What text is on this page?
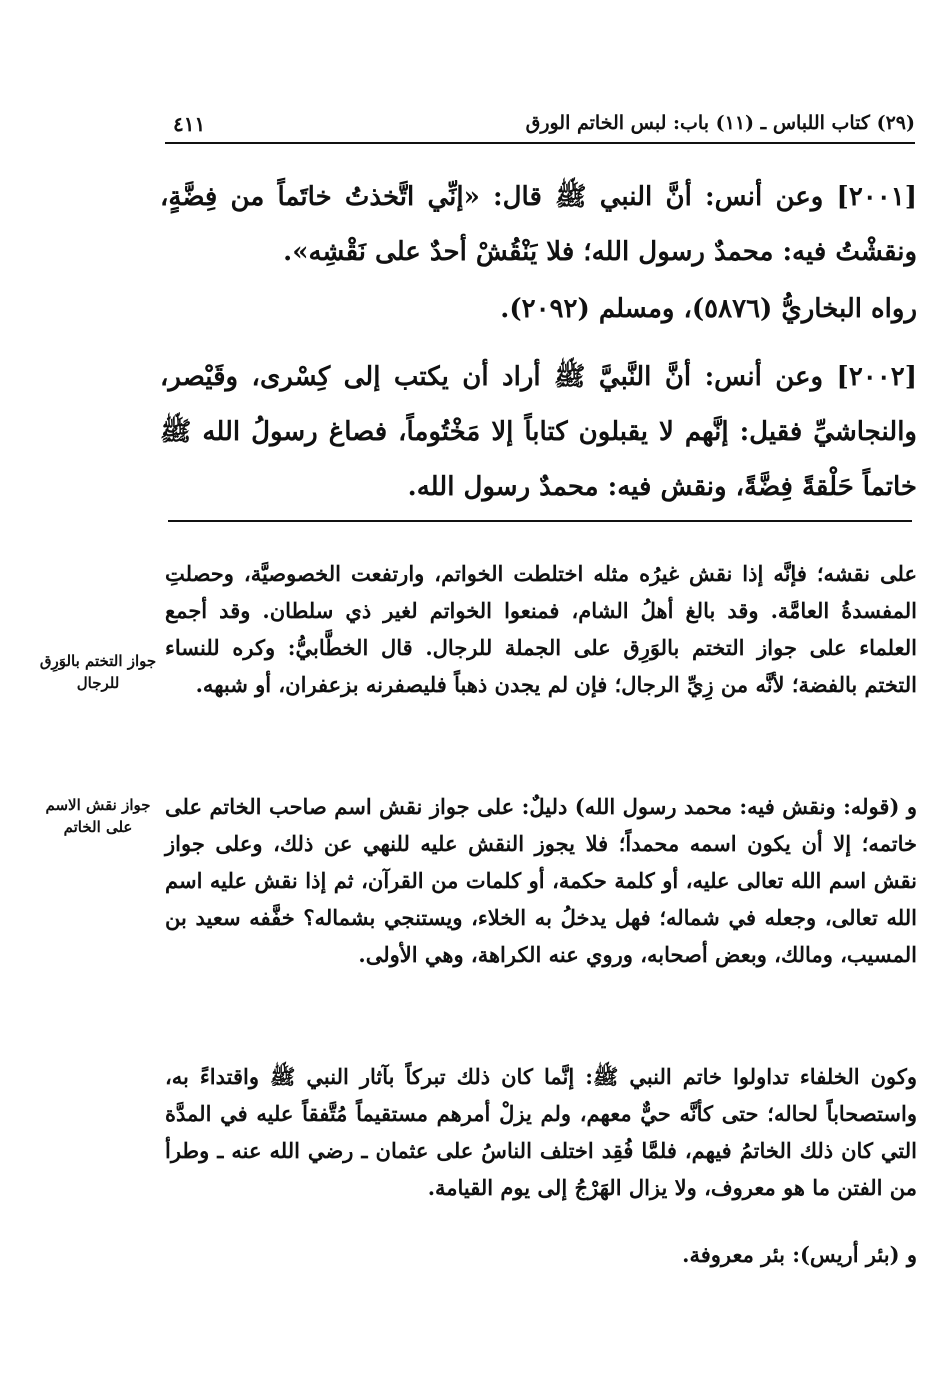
(٢٩) كتاب اللباس ـ (١١) باب: لبس الخاتم الورق
٤١١
[٢٠٠١] وعن أنس: أنَّ النبي ﷺ قال: «إنِّي اتَّخذتُ خاتَماً من فِضَّةٍ، ونقشْتُ فيه: محمدٌ رسول الله؛ فلا يَنْقُشْ أحدٌ على نَقْشِه».
رواه البخاريُّ (٥٨٧٦)، ومسلم (٢٠٩٢).
[٢٠٠٢] وعن أنس: أنَّ النَّبيَّ ﷺ أراد أن يكتب إلى كِسْرى، وقَيْصر، والنجاشيِّ فقيل: إنَّهم لا يقبلون كتاباً إلا مَخْتُوماً، فصاغ رسولُ الله ﷺ خاتماً حَلْقةً فِضَّةً، ونقش فيه: محمدٌ رسول الله.
على نقشه؛ فإنَّه إذا نقش غيرُه مثله اختلطت الخواتم، وارتفعت الخصوصيَّة، وحصلتِ المفسدةُ العامَّة. وقد بالغ أهلُ الشام، فمنعوا الخواتم لغير ذي سلطان. وقد أجمع العلماء على جواز التختم بالوَرِق على الجملة للرجال. قال الخطَّابيُّ: وكره للنساء التختم بالفضة؛ لأنَّه من زِيِّ الرجال؛ فإن لم يجدن ذهباً فليصفرنه بزعفران، أو شبهه.
و (قوله: ونقش فيه: محمد رسول الله) دليلٌ: على جواز نقش اسم صاحب الخاتم على خاتمه؛ إلا أن يكون اسمه محمداً؛ فلا يجوز النقش عليه للنهي عن ذلك، وعلى جواز نقش اسم الله تعالى عليه، أو كلمة حكمة، أو كلمات من القرآن، ثم إذا نقش عليه اسم الله تعالى، وجعله في شماله؛ فهل يدخلُ به الخلاء، ويستنجي بشماله؟ خفَّفه سعيد بن المسيب، ومالك، وبعض أصحابه، وروي عنه الكراهة، وهي الأولى.
وكون الخلفاء تداولوا خاتم النبي ﷺ: إنَّما كان ذلك تبركاً بآثار النبي ﷺ واقتداءً به، واستصحاباً لحاله؛ حتى كأنَّه حيٌّ معهم، ولم يزلْ أمرهم مستقيماً مُتَّفقاً عليه في المدَّة التي كان ذلك الخاتمُ فيهم، فلمَّا فُقِد اختلف الناسُ على عثمان ـ رضي الله عنه ـ وطرأ من الفتن ما هو معروف، ولا يزال الهَرْجُ إلى يوم القيامة.
و (بئر أريس): بئر معروفة.
جواز التختم بالوَرِق للرجال
جواز نقش الاسم على الخاتم
